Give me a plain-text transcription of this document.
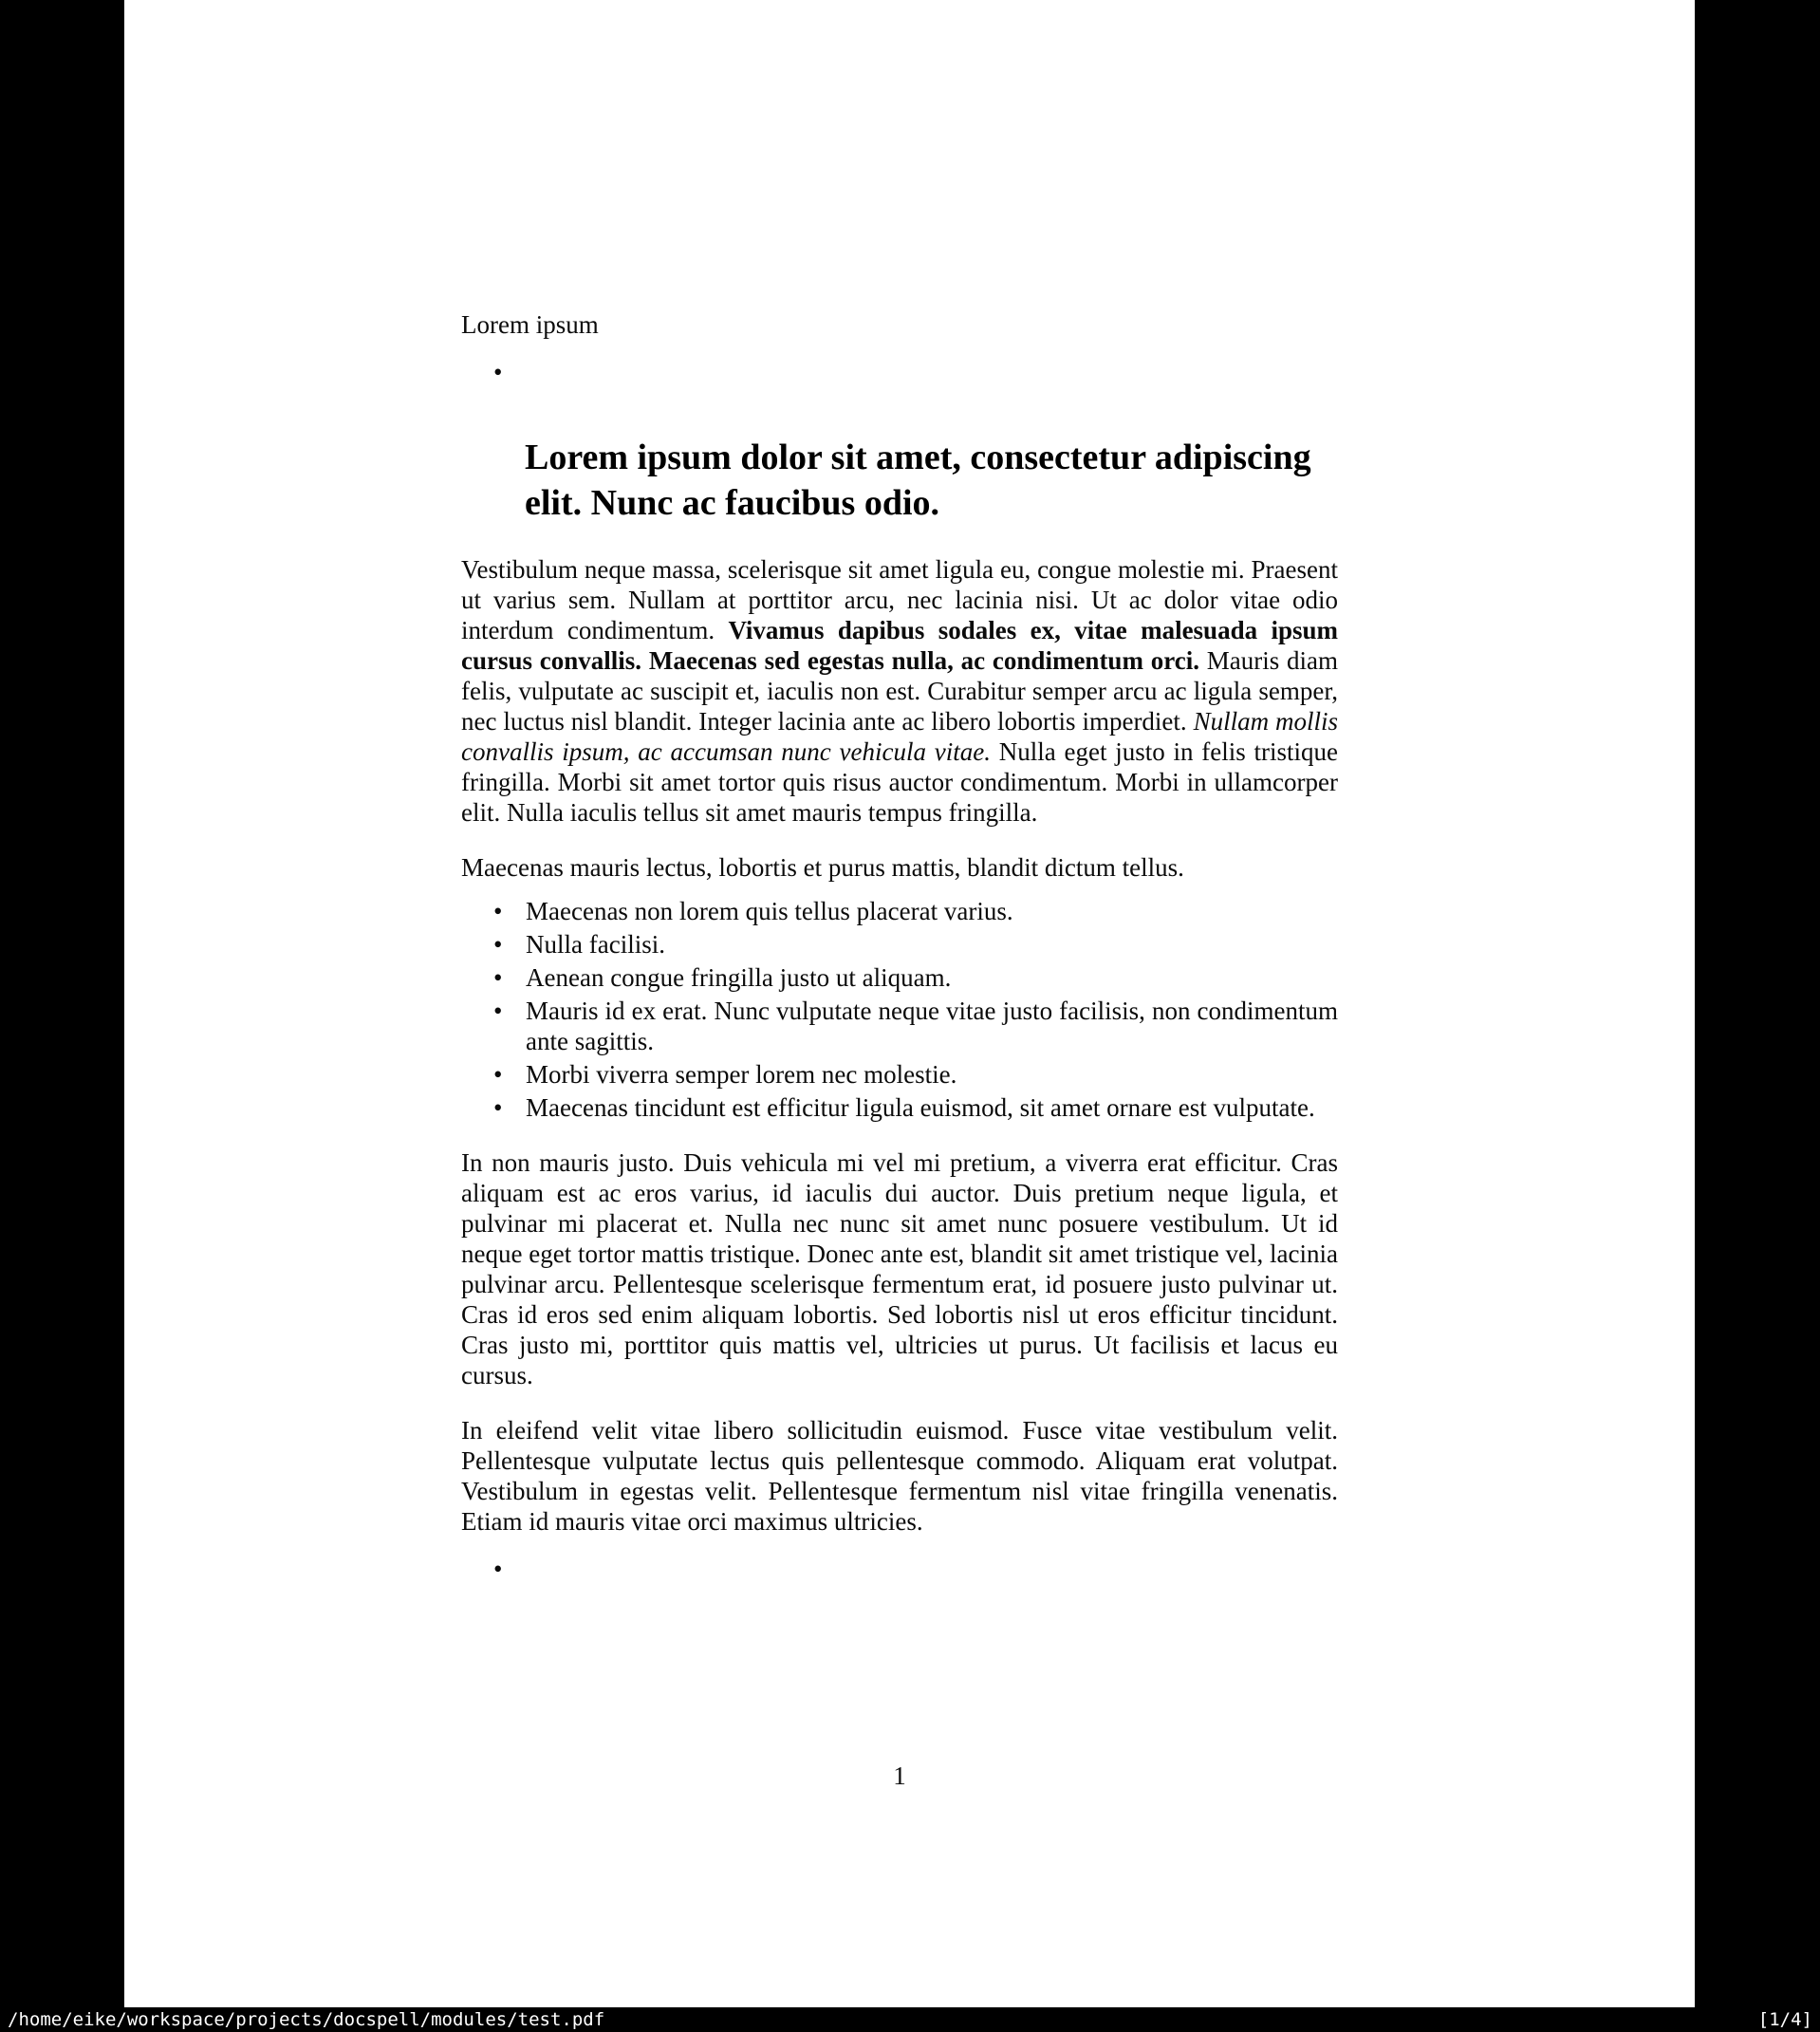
Lorem ipsum

•
Lorem ipsum dolor sit amet, consectetur adipiscing elit. Nunc ac faucibus odio.

Vestibulum neque massa, scelerisque sit amet ligula eu, congue molestie mi. Praesent ut varius sem. Nullam at porttitor arcu, nec lacinia nisi. Ut ac dolor vitae odio interdum condimentum. Vivamus dapibus sodales ex, vitae malesuada ipsum cursus convallis. Maecenas sed egestas nulla, ac condimentum orci. Mauris diam felis, vulputate ac suscipit et, iaculis non est. Curabitur semper arcu ac ligula semper, nec luctus nisl blandit. Integer lacinia ante ac libero lobortis imperdiet. Nullam mollis convallis ipsum, ac accumsan nunc vehicula vitae. Nulla eget justo in felis tristique fringilla. Morbi sit amet tortor quis risus auctor condimentum. Morbi in ullamcorper elit. Nulla iaculis tellus sit amet mauris tempus fringilla.

Maecenas mauris lectus, lobortis et purus mattis, blandit dictum tellus.

• Maecenas non lorem quis tellus placerat varius.
• Nulla facilisi.
• Aenean congue fringilla justo ut aliquam.
• Mauris id ex erat. Nunc vulputate neque vitae justo facilisis, non condimentum ante sagittis.
• Morbi viverra semper lorem nec molestie.
• Maecenas tincidunt est efficitur ligula euismod, sit amet ornare est vulputate.

In non mauris justo. Duis vehicula mi vel mi pretium, a viverra erat efficitur. Cras aliquam est ac eros varius, id iaculis dui auctor. Duis pretium neque ligula, et pulvinar mi placerat et. Nulla nec nunc sit amet nunc posuere vestibulum. Ut id neque eget tortor mattis tristique. Donec ante est, blandit sit amet tristique vel, lacinia pulvinar arcu. Pellentesque scelerisque fermentum erat, id posuere justo pulvinar ut. Cras id eros sed enim aliquam lobortis. Sed lobortis nisl ut eros efficitur tincidunt. Cras justo mi, porttitor quis mattis vel, ultricies ut purus. Ut facilisis et lacus eu cursus.

In eleifend velit vitae libero sollicitudin euismod. Fusce vitae vestibulum velit. Pellentesque vulputate lectus quis pellentesque commodo. Aliquam erat volutpat. Vestibulum in egestas velit. Pellentesque fermentum nisl vitae fringilla venenatis. Etiam id mauris vitae orci maximus ultricies.

•
1
/home/eike/workspace/projects/docspell/modules/test.pdf	[1/4]
